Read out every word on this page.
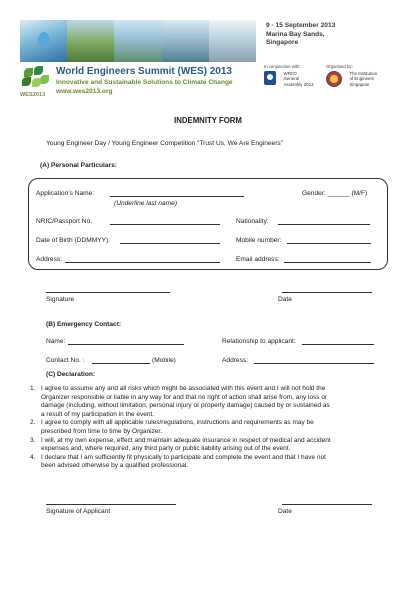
9 - 15 September 2013
Marina Bay Sands,
Singapore
WES2013
World Engineers Summit (WES) 2013
Innovative and Sustainable Solutions to Climate Change
www.wes2013.org
In conjunction with:
WFEO
General
Assembly 2013
Organised by:
The Institution
of Engineers
Singapore
INDEMNITY FORM
Young Engineer Day / Young Engineer Competition “Trust Us, We Are Engineers”
(A) Personal Particulars:
Application’s Name:	Gender: ______ (M/F)
(Underline last name)
NRIC/Passport No.	Nationality:
Date of Birth (DDMMYY):	Mobile number:
Address:	Email address:
Signature	Date
(B) Emergency Contact:
Name:	Relationship to applicant:
Contact No. :	(Mobile)	Address:
(C) Declaration:
1. I agree to assume any and all risks which might be associated with this event and I will not hold the
Organizer responsible or liable in any way for and that no right of action shall arise from, any loss or
damage (including, without limitation, personal injury or property damage) caused by or sustained as
a result of my participation in the event.
2. I agree to comply with all applicable rules/regulations, instructions and requirements as may be
prescribed from time to time by Organizer.
3. I will, at my own expense, effect and maintain adequate insurance in respect of medical and accident
expenses and, where required, any third party or public liability arising out of the event.
4. I declare that I am sufficiently fit physically to participate and complete the event and that I have not
been advised otherwise by a qualified professional.
Signature of Applicant	Date
